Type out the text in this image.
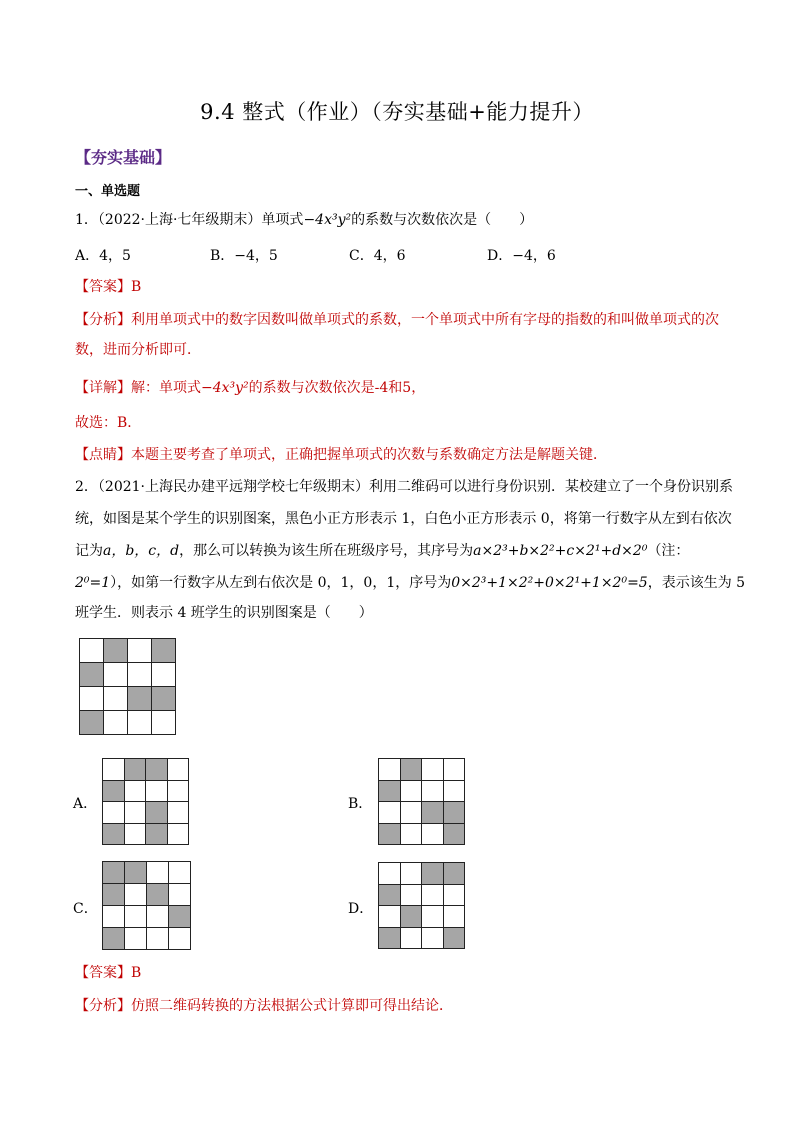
9.4 整式（作业）（夯实基础+能力提升）
【夯实基础】
一、单选题
1．（2022·上海·七年级期末）单项式−4x³y²的系数与次数依次是（　　）
A．4，5	B．−4，5	C．4，6	D．−4，6
【答案】B
【分析】利用单项式中的数字因数叫做单项式的系数，一个单项式中所有字母的指数的和叫做单项式的次
数，进而分析即可．
【详解】解：单项式−4x³y²的系数与次数依次是-4和5，
故选：B．
【点睛】本题主要考查了单项式，正确把握单项式的次数与系数确定方法是解题关键．
2．（2021·上海民办建平远翔学校七年级期末）利用二维码可以进行身份识别．某校建立了一个身份识别系
统，如图是某个学生的识别图案，黑色小正方形表示 1，白色小正方形表示 0，将第一行数字从左到右依次
记为a，b，c，d，那么可以转换为该生所在班级序号，其序号为a×2³+b×2²+c×2¹+d×2⁰（注：
2⁰=1），如第一行数字从左到右依次是 0，1，0，1，序号为0×2³+1×2²+0×2¹+1×2⁰=5，表示该生为 5
班学生．则表示 4 班学生的识别图案是（　　）
A．	B．
C．	D．
【答案】B
【分析】仿照二维码转换的方法根据公式计算即可得出结论．
